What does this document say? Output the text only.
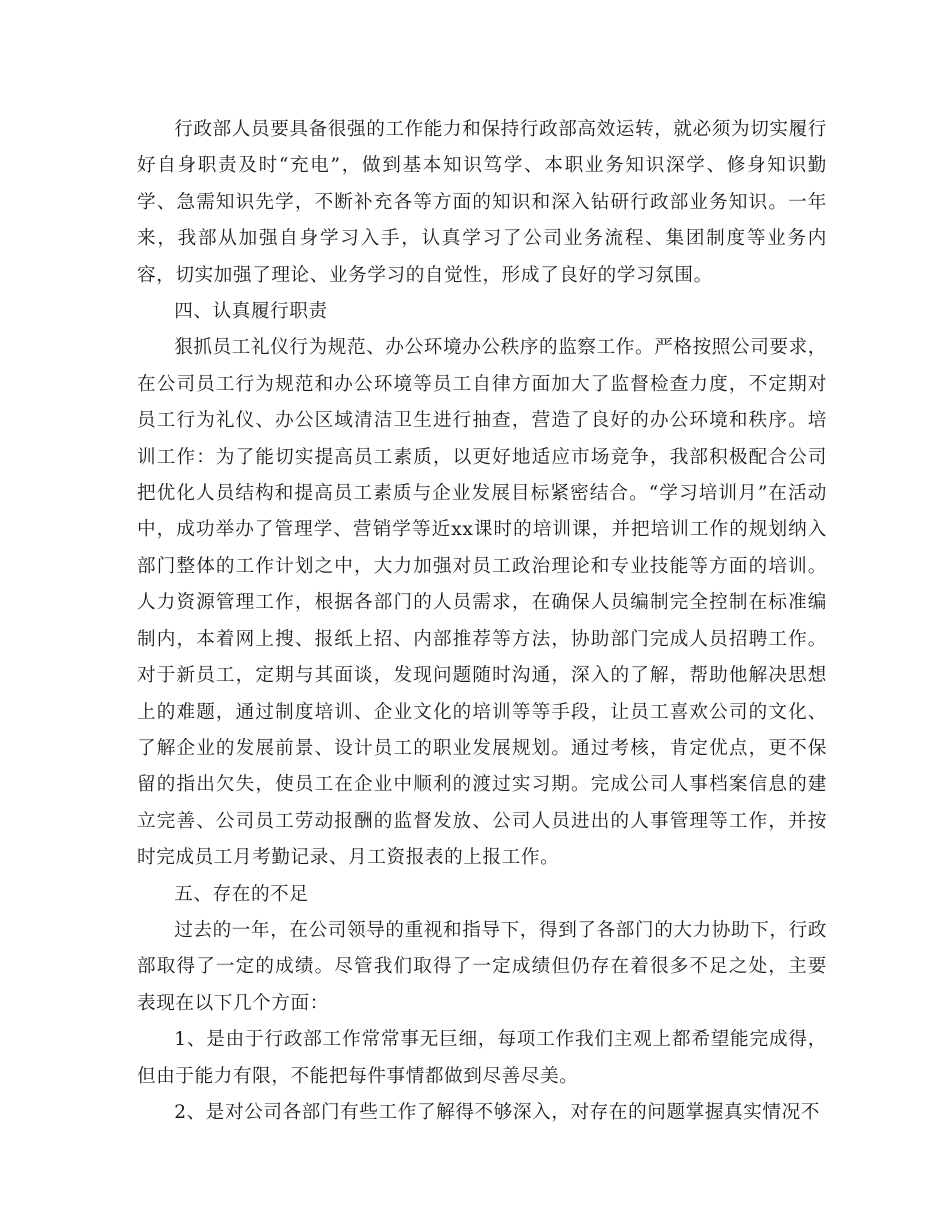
行政部人员要具备很强的工作能力和保持行政部高效运转，就必须为切实履行好自身职责及时“充电”，做到基本知识笃学、本职业务知识深学、修身知识勤学、急需知识先学，不断补充各等方面的知识和深入钻研行政部业务知识。一年来，我部从加强自身学习入手，认真学习了公司业务流程、集团制度等业务内容，切实加强了理论、业务学习的自觉性，形成了良好的学习氛围。

四、认真履行职责

狠抓员工礼仪行为规范、办公环境办公秩序的监察工作。严格按照公司要求，在公司员工行为规范和办公环境等员工自律方面加大了监督检查力度，不定期对员工行为礼仪、办公区域清洁卫生进行抽查，营造了良好的办公环境和秩序。培训工作：为了能切实提高员工素质，以更好地适应市场竞争，我部积极配合公司把优化人员结构和提高员工素质与企业发展目标紧密结合。“学习培训月”在活动中，成功举办了管理学、营销学等近xx课时的培训课，并把培训工作的规划纳入部门整体的工作计划之中，大力加强对员工政治理论和专业技能等方面的培训。人力资源管理工作，根据各部门的人员需求，在确保人员编制完全控制在标准编制内，本着网上搜、报纸上招、内部推荐等方法，协助部门完成人员招聘工作。对于新员工，定期与其面谈，发现问题随时沟通，深入的了解，帮助他解决思想上的难题，通过制度培训、企业文化的培训等等手段，让员工喜欢公司的文化、了解企业的发展前景、设计员工的职业发展规划。通过考核，肯定优点，更不保留的指出欠失，使员工在企业中顺利的渡过实习期。完成公司人事档案信息的建立完善、公司员工劳动报酬的监督发放、公司人员进出的人事管理等工作，并按时完成员工月考勤记录、月工资报表的上报工作。

五、存在的不足

过去的一年，在公司领导的重视和指导下，得到了各部门的大力协助下，行政部取得了一定的成绩。尽管我们取得了一定成绩但仍存在着很多不足之处，主要表现在以下几个方面：

1、是由于行政部工作常常事无巨细，每项工作我们主观上都希望能完成得，但由于能力有限，不能把每件事情都做到尽善尽美。

2、是对公司各部门有些工作了解得不够深入，对存在的问题掌握真实情况不
